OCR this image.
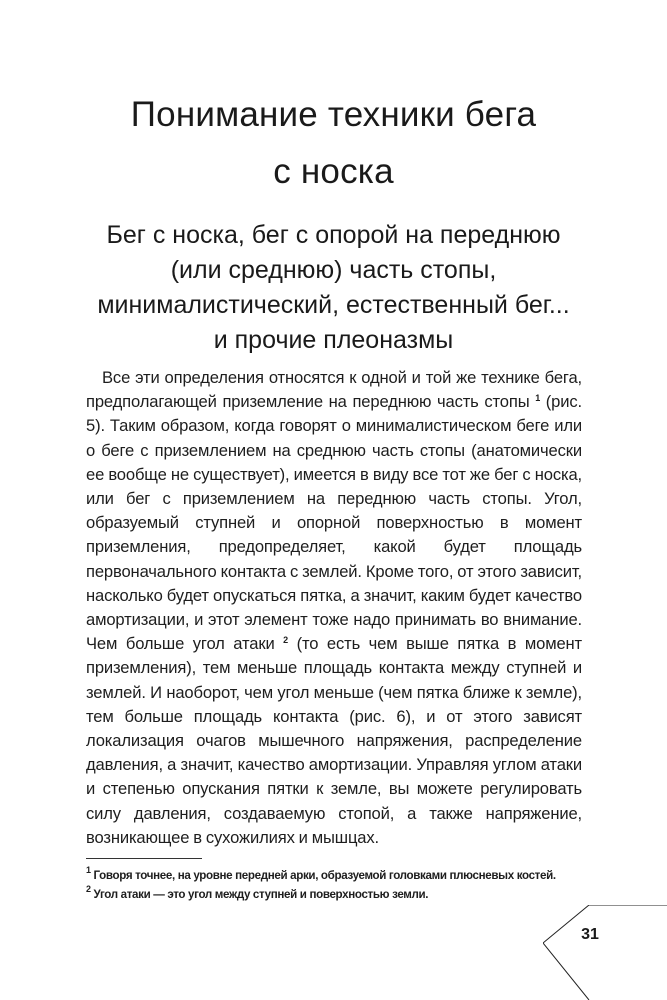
Понимание техники бега
с носка
Бег с носка, бег с опорой на переднюю
(или среднюю) часть стопы,
минималистический, естественный бег...
и прочие плеоназмы

Все эти определения относятся к одной и той же технике бега, предполагающей приземление на переднюю часть стопы $^1$ (рис. 5). Таким образом, когда говорят о минималистическом беге или о беге с приземлением на среднюю часть стопы (анатомически ее вообще не существует), имеется в виду все тот же бег с носка, или бег с приземлением на переднюю часть стопы. Угол, образуемый ступней и опорной поверхностью в момент приземления, предопределяет, какой будет площадь первоначального контакта с землей. Кроме того, от этого зависит, насколько будет опускаться пятка, а значит, каким будет качество амортизации, и этот элемент тоже надо принимать во внимание. Чем больше угол атаки $^2$ (то есть чем выше пятка в момент приземления), тем меньше площадь контакта между ступней и землей. И наоборот, чем угол меньше (чем пятка ближе к земле), тем больше площадь контакта (рис. 6), и от этого зависят локализация очагов мышечного напряжения, распределение давления, а значит, качество амортизации. Управляя углом атаки и степенью опускания пятки к земле, вы можете регулировать силу давления, создаваемую стопой, а также напряжение, возникающее в сухожилиях и мышцах.

$^1$ Говоря точнее, на уровне передней арки, образуемой головками плюсневых костей.
$^2$ Угол атаки — это угол между ступней и поверхностью земли.
31
